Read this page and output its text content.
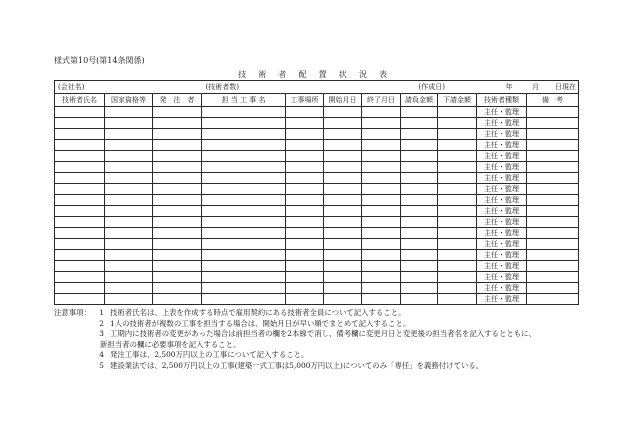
様式第10号(第14条関係)
技 術 者 配 置 状 況 表
(会社名)			(技術者数)				(作成日)		年	月 日現在
技術者氏名	国家資格等	発　注　者	担 当 工 事 名	工事場所	開始月日	終了月日	請負金額	下請金額	技術者種類	備　考
									主任・監理	
									主任・監理	
									主任・監理	
									主任・監理	
									主任・監理	
									主任・監理	
									主任・監理	
									主任・監理	
									主任・監理	
									主任・監理	
									主任・監理	
									主任・監理	
									主任・監理	
									主任・監理	
									主任・監理	
									主任・監理	
									主任・監理	
									主任・監理	
注意事項：	1 技術者氏名は、上表を作成する時点で雇用契約にある技術者全員について記入すること。
2 1人の技術者が複数の工事を担当する場合は、開始月日が早い順でまとめて記入すること。
3 工期内に技術者の変更があった場合は前担当者の欄を2本線で消し、備考欄に変更月日と変更後の担当者名を記入するとともに、
新担当者の欄に必要事項を記入すること。
4 発注工事は、2,500万円以上の工事について記入すること。
5 建設業法では、2,500万円以上の工事(建築一式工事は5,000万円以上)についてのみ「専任」を義務付けている。
